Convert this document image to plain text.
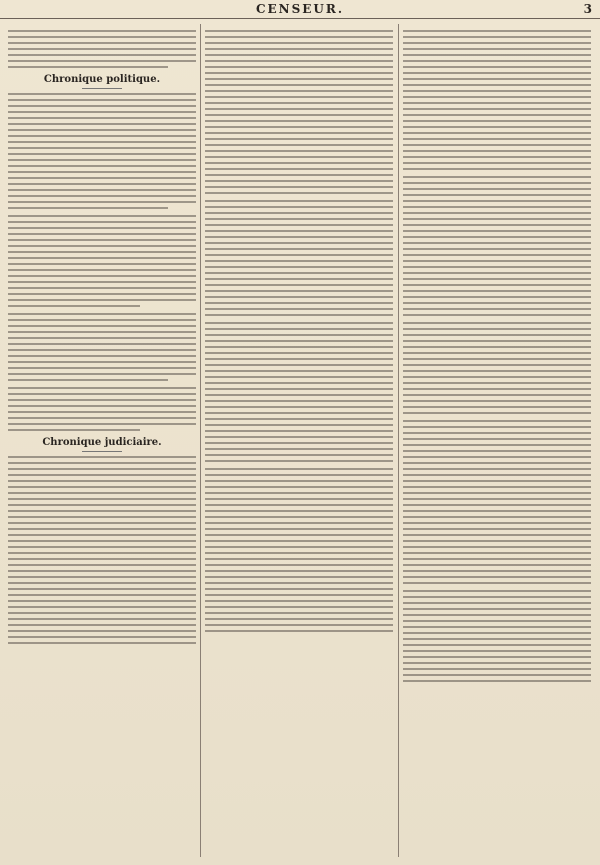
CENSEUR.	3
Chronique politique.
Chronique judiciaire.
